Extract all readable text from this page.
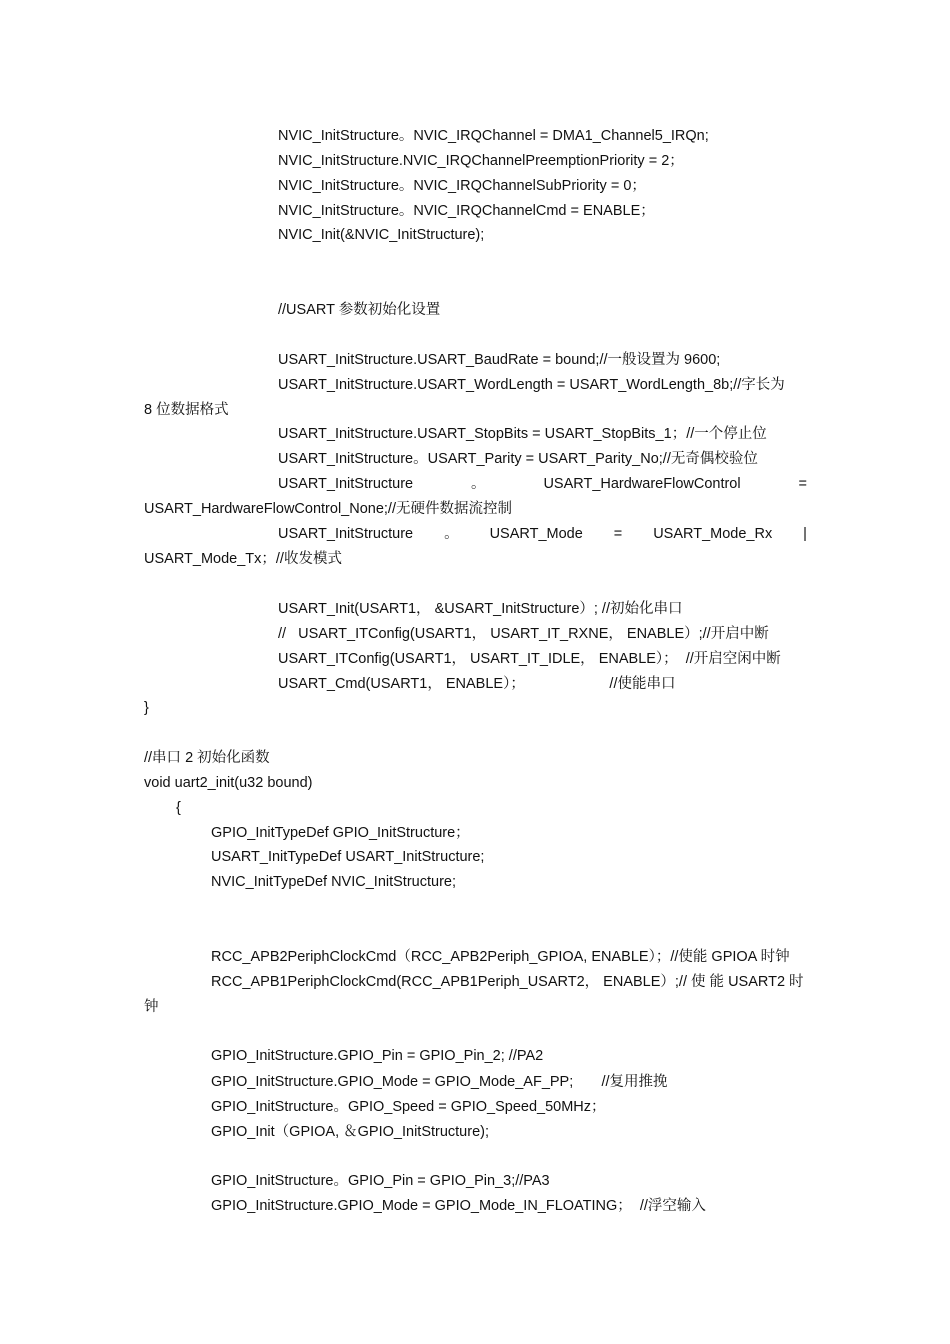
NVIC_InitStructure。NVIC_IRQChannel = DMA1_Channel5_IRQn;
NVIC_InitStructure.NVIC_IRQChannelPreemptionPriority = 2；
NVIC_InitStructure。NVIC_IRQChannelSubPriority = 0；
NVIC_InitStructure。NVIC_IRQChannelCmd = ENABLE；
NVIC_Init(&NVIC_InitStructure);
//USART 参数初始化设置
USART_InitStructure.USART_BaudRate = bound;//一般设置为 9600;
USART_InitStructure.USART_WordLength = USART_WordLength_8b;//字长为
8 位数据格式
USART_InitStructure.USART_StopBits = USART_StopBits_1；//一个停止位
USART_InitStructure。USART_Parity = USART_Parity_No;//无奇偶校验位
USART_InitStructure	。	USART_HardwareFlowControl	=
USART_HardwareFlowControl_None;//无硬件数据流控制
USART_InitStructure 。 USART_Mode = USART_Mode_Rx |
USART_Mode_Tx；//收发模式
USART_Init(USART1， &USART_InitStructure）; //初始化串口
//   USART_ITConfig(USART1， USART_IT_RXNE， ENABLE）;//开启中断
USART_ITConfig(USART1， USART_IT_IDLE， ENABLE）；  //开启空闲中断
USART_Cmd(USART1， ENABLE）；                     //使能串口
}
//串口 2 初始化函数
void uart2_init(u32 bound)
{
GPIO_InitTypeDef GPIO_InitStructure；
USART_InitTypeDef USART_InitStructure;
NVIC_InitTypeDef NVIC_InitStructure;
RCC_APB2PeriphClockCmd（RCC_APB2Periph_GPIOA, ENABLE）；//使能 GPIOA 时钟
RCC_APB1PeriphClockCmd(RCC_APB1Periph_USART2， ENABLE）;// 使 能 USART2 时
钟
GPIO_InitStructure.GPIO_Pin = GPIO_Pin_2; //PA2
GPIO_InitStructure.GPIO_Mode = GPIO_Mode_AF_PP;       //复用推挽
GPIO_InitStructure。GPIO_Speed = GPIO_Speed_50MHz；
GPIO_Init（GPIOA, ＆GPIO_InitStructure);
GPIO_InitStructure。GPIO_Pin = GPIO_Pin_3;//PA3
GPIO_InitStructure.GPIO_Mode = GPIO_Mode_IN_FLOATING；  //浮空输入
